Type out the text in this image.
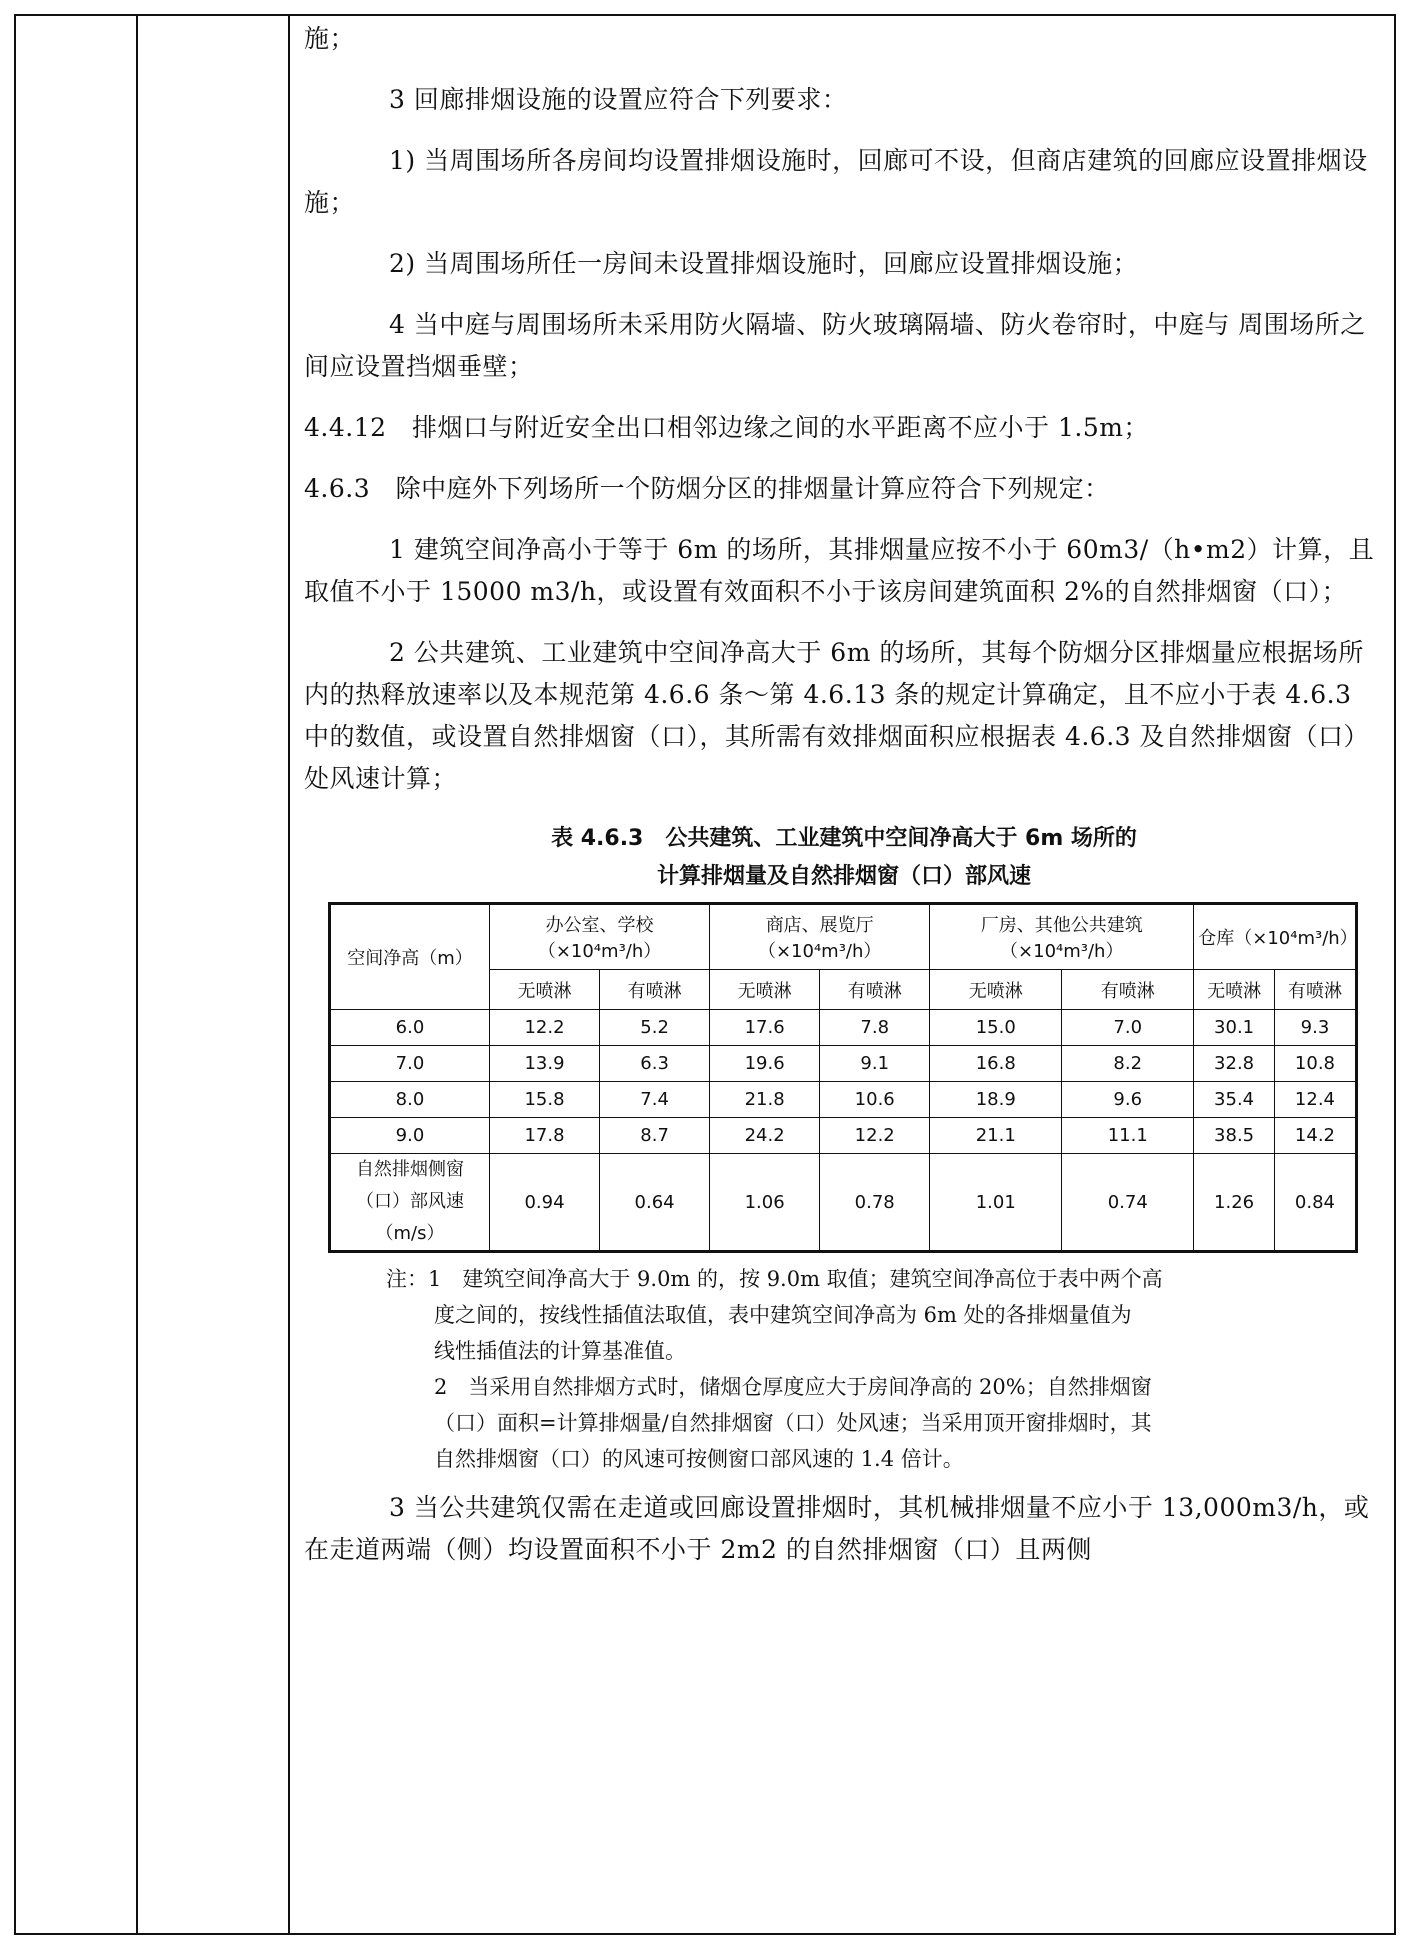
施；

3 回廊排烟设施的设置应符合下列要求：

1) 当周围场所各房间均设置排烟设施时，回廊可不设，但商店建筑的回廊应设置排烟设施；

2) 当周围场所任一房间未设置排烟设施时，回廊应设置排烟设施；

4 当中庭与周围场所未采用防火隔墙、防火玻璃隔墙、防火卷帘时，中庭与 周围场所之间应设置挡烟垂壁；

4.4.12　排烟口与附近安全出口相邻边缘之间的水平距离不应小于 1.5m；

4.6.3　除中庭外下列场所一个防烟分区的排烟量计算应符合下列规定：

1 建筑空间净高小于等于 6m 的场所，其排烟量应按不小于 60m3/（h•m2）计算，且取值不小于 15000 m3/h，或设置有效面积不小于该房间建筑面积 2%的自然排烟窗（口）；

2 公共建筑、工业建筑中空间净高大于 6m 的场所，其每个防烟分区排烟量应根据场所内的热释放速率以及本规范第 4.6.6 条～第 4.6.13 条的规定计算确定，且不应小于表 4.6.3 中的数值，或设置自然排烟窗（口），其所需有效排烟面积应根据表 4.6.3 及自然排烟窗（口）处风速计算；

表 4.6.3　公共建筑、工业建筑中空间净高大于 6m 场所的

计算排烟量及自然排烟窗（口）部风速

空间净高（m）	办公室、学校（×10⁴m³/h）		商店、展览厅（×10⁴m³/h）		厂房、其他公共建筑（×10⁴m³/h）		仓库（×10⁴m³/h）	
	无喷淋	有喷淋	无喷淋	有喷淋	无喷淋	有喷淋	无喷淋	有喷淋
6.0	12.2	5.2	17.6	7.8	15.0	7.0	30.1	9.3
7.0	13.9	6.3	19.6	9.1	16.8	8.2	32.8	10.8
8.0	15.8	7.4	21.8	10.6	18.9	9.6	35.4	12.4
9.0	17.8	8.7	24.2	12.2	21.1	11.1	38.5	14.2
自然排烟侧窗（口）部风速（m/s）	0.94	0.64	1.06	0.78	1.01	0.74	1.26	0.84
注：1　建筑空间净高大于 9.0m 的，按 9.0m 取值；建筑空间净高位于表中两个高
度之间的，按线性插值法取值，表中建筑空间净高为 6m 处的各排烟量值为
线性插值法的计算基准值。
2　当采用自然排烟方式时，储烟仓厚度应大于房间净高的 20%；自然排烟窗
（口）面积=计算排烟量/自然排烟窗（口）处风速；当采用顶开窗排烟时，其
自然排烟窗（口）的风速可按侧窗口部风速的 1.4 倍计。

3 当公共建筑仅需在走道或回廊设置排烟时，其机械排烟量不应小于 13,000m3/h，或在走道两端（侧）均设置面积不小于 2m2 的自然排烟窗（口）且两侧
